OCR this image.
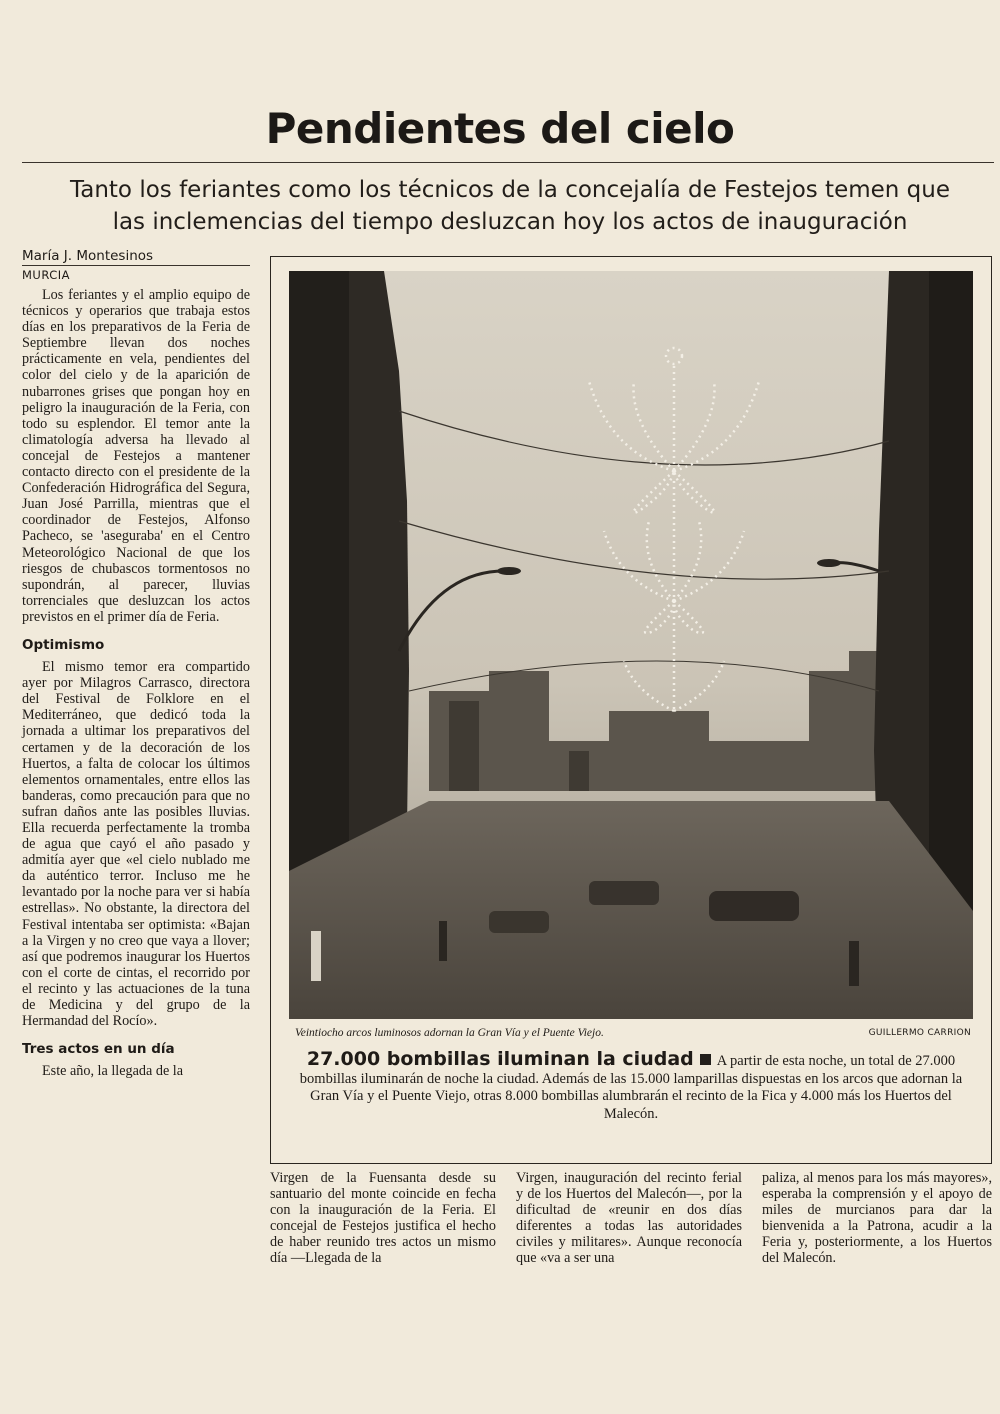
Pendientes del cielo
Tanto los feriantes como los técnicos de la concejalía de Festejos temen que
las inclemencias del tiempo desluzcan hoy los actos de inauguración
María J. Montesinos
MURCIA

Los feriantes y el amplio equipo de técnicos y operarios que trabaja estos días en los preparativos de la Feria de Septiembre llevan dos noches prácticamente en vela, pendientes del color del cielo y de la aparición de nubarrones grises que pongan hoy en peligro la inauguración de la Feria, con todo su esplendor. El temor ante la climatología adversa ha llevado al concejal de Festejos a mantener contacto directo con el presidente de la Confederación Hidrográfica del Segura, Juan José Parrilla, mientras que el coordinador de Festejos, Alfonso Pacheco, se 'aseguraba' en el Centro Meteorológico Nacional de que los riesgos de chubascos tormentosos no supondrán, al parecer, lluvias torrenciales que desluzcan los actos previstos en el primer día de Feria.

Optimismo

El mismo temor era compartido ayer por Milagros Carrasco, directora del Festival de Folklore en el Mediterráneo, que dedicó toda la jornada a ultimar los preparativos del certamen y de la decoración de los Huertos, a falta de colocar los últimos elementos ornamentales, entre ellos las banderas, como precaución para que no sufran daños ante las posibles lluvias. Ella recuerda perfectamente la tromba de agua que cayó el año pasado y admitía ayer que «el cielo nublado me da auténtico terror. Incluso me he levantado por la noche para ver si había estrellas». No obstante, la directora del Festival intentaba ser optimista: «Bajan a la Virgen y no creo que vaya a llover; así que podremos inaugurar los Huertos con el corte de cintas, el recorrido por el recinto y las actuaciones de la tuna de Medicina y del grupo de la Hermandad del Rocío».

Tres actos en un día

Este año, la llegada de la

Veintiocho arcos luminosos adornan la Gran Vía y el Puente Viejo.	GUILLERMO CARRION
27.000 bombillas iluminan la ciudad A partir de esta noche, un total de 27.000 bombillas iluminarán de noche la ciudad. Además de las 15.000 lamparillas dispuestas en los arcos que adornan la Gran Vía y el Puente Viejo, otras 8.000 bombillas alumbrarán el recinto de la Fica y 4.000 más los Huertos del Malecón.
Virgen de la Fuensanta desde su santuario del monte coincide en fecha con la inauguración de la Feria. El concejal de Festejos justifica el hecho de haber reunido tres actos un mismo día —Llegada de la
Virgen, inauguración del recinto ferial y de los Huertos del Malecón—, por la dificultad de «reunir en dos días diferentes a todas las autoridades civiles y militares». Aunque reconocía que «va a ser una
paliza, al menos para los más mayores», esperaba la comprensión y el apoyo de miles de murcianos para dar la bienvenida a la Patrona, acudir a la Feria y, posteriormente, a los Huertos del Malecón.
